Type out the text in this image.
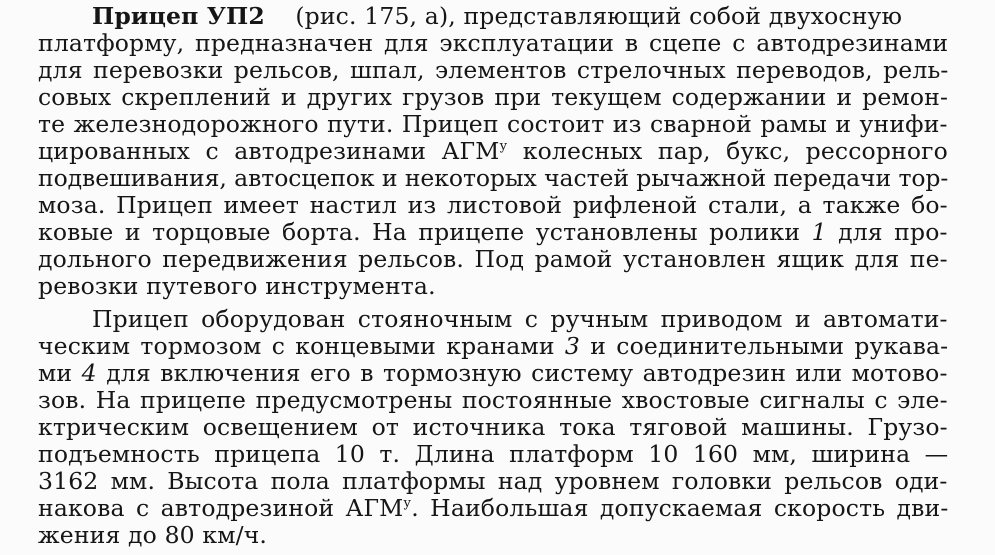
Прицеп УП2 (рис. 175, а), представляющий собой двухосную
платформу, предназначен для эксплуатации в сцепе с автодрезинами
для перевозки рельсов, шпал, элементов стрелочных переводов, рель-
совых скреплений и других грузов при текущем содержании и ремон-
те железнодорожного пути. Прицеп состоит из сварной рамы и унифи-
цированных с автодрезинами $АГМ^у$ колесных пар, букс, рессорного
подвешивания, автосцепок и некоторых частей рычажной передачи тор-
моза. Прицеп имеет настил из листовой рифленой стали, а также бо-
ковые и торцовые борта. На прицепе установлены ролики 1 для про-
дольного передвижения рельсов. Под рамой установлен ящик для пе-
ревозки путевого инструмента.
Прицеп оборудован стояночным с ручным приводом и автомати-
ческим тормозом с концевыми кранами 3 и соединительными рукава-
ми 4 для включения его в тормозную систему автодрезин или мотово-
зов. На прицепе предусмотрены постоянные хвостовые сигналы с эле-
ктрическим освещением от источника тока тяговой машины. Грузо-
подъемность прицепа 10 т. Длина платформ 10 160 мм, ширина —
3162 мм. Высота пола платформы над уровнем головки рельсов оди-
накова с автодрезиной $АГМ^у$. Наибольшая допускаемая скорость дви-
жения до 80 км/ч.
